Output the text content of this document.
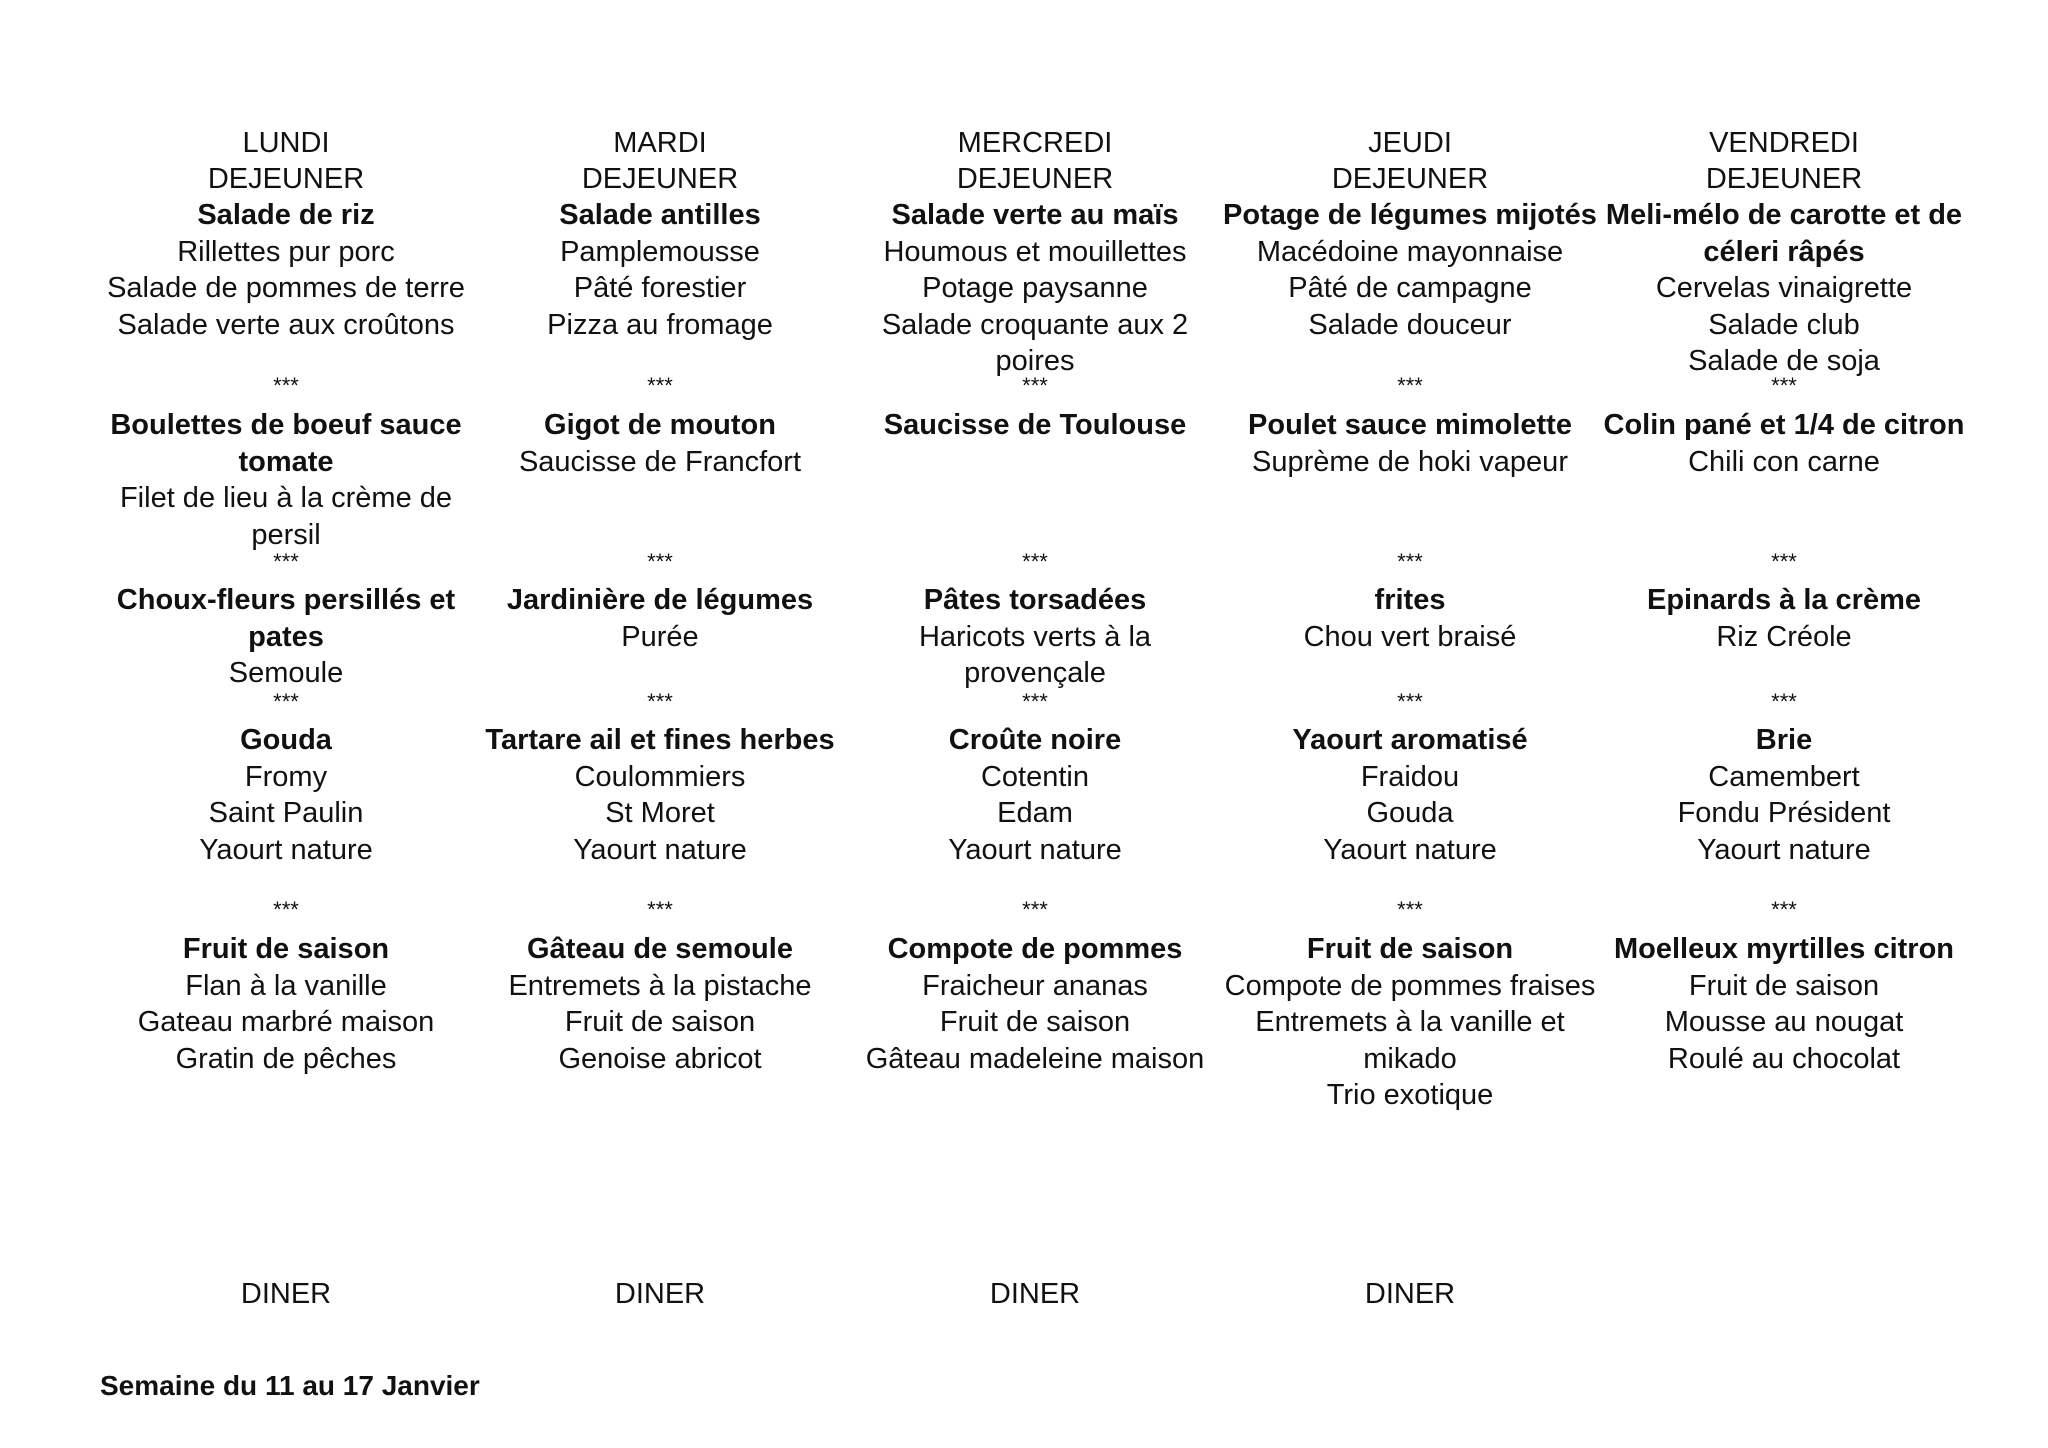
LUNDI
DEJEUNER
Salade de riz
Rillettes pur porc
Salade de pommes de terre
Salade verte aux croûtons
***
Boulettes de boeuf sauce tomate
Filet de lieu à la crème de persil
***
Choux-fleurs persillés et pates
Semoule
***
Gouda
Fromy
Saint Paulin
Yaourt nature
***
Fruit de saison
Flan à la vanille
Gateau marbré maison
Gratin de pêches
DINER
MARDI
DEJEUNER
Salade antilles
Pamplemousse
Pâté forestier
Pizza au fromage
***
Gigot de mouton
Saucisse de Francfort
***
Jardinière de légumes
Purée
***
Tartare ail et fines herbes
Coulommiers
St Moret
Yaourt nature
***
Gâteau de semoule
Entremets à la pistache
Fruit de saison
Genoise abricot
DINER
MERCREDI
DEJEUNER
Salade verte au maïs
Houmous et mouillettes
Potage paysanne
Salade croquante aux 2 poires
***
Saucisse de Toulouse
***
Pâtes torsadées
Haricots verts à la provençale
***
Croûte noire
Cotentin
Edam
Yaourt nature
***
Compote de pommes
Fraicheur ananas
Fruit de saison
Gâteau madeleine maison
DINER
JEUDI
DEJEUNER
Potage de légumes mijotés
Macédoine mayonnaise
Pâté de campagne
Salade douceur
***
Poulet sauce mimolette
Suprème de hoki vapeur
***
frites
Chou vert braisé
***
Yaourt aromatisé
Fraidou
Gouda
Yaourt nature
***
Fruit de saison
Compote de pommes fraises
Entremets à la vanille et mikado
Trio exotique
DINER
VENDREDI
DEJEUNER
Meli-mélo de carotte et de céleri râpés
Cervelas vinaigrette
Salade club
Salade de soja
***
Colin pané et 1/4 de citron
Chili con carne
***
Epinards à la crème
Riz Créole
***
Brie
Camembert
Fondu Président
Yaourt nature
***
Moelleux myrtilles citron
Fruit de saison
Mousse au nougat
Roulé au chocolat
Semaine du 11 au 17 Janvier
